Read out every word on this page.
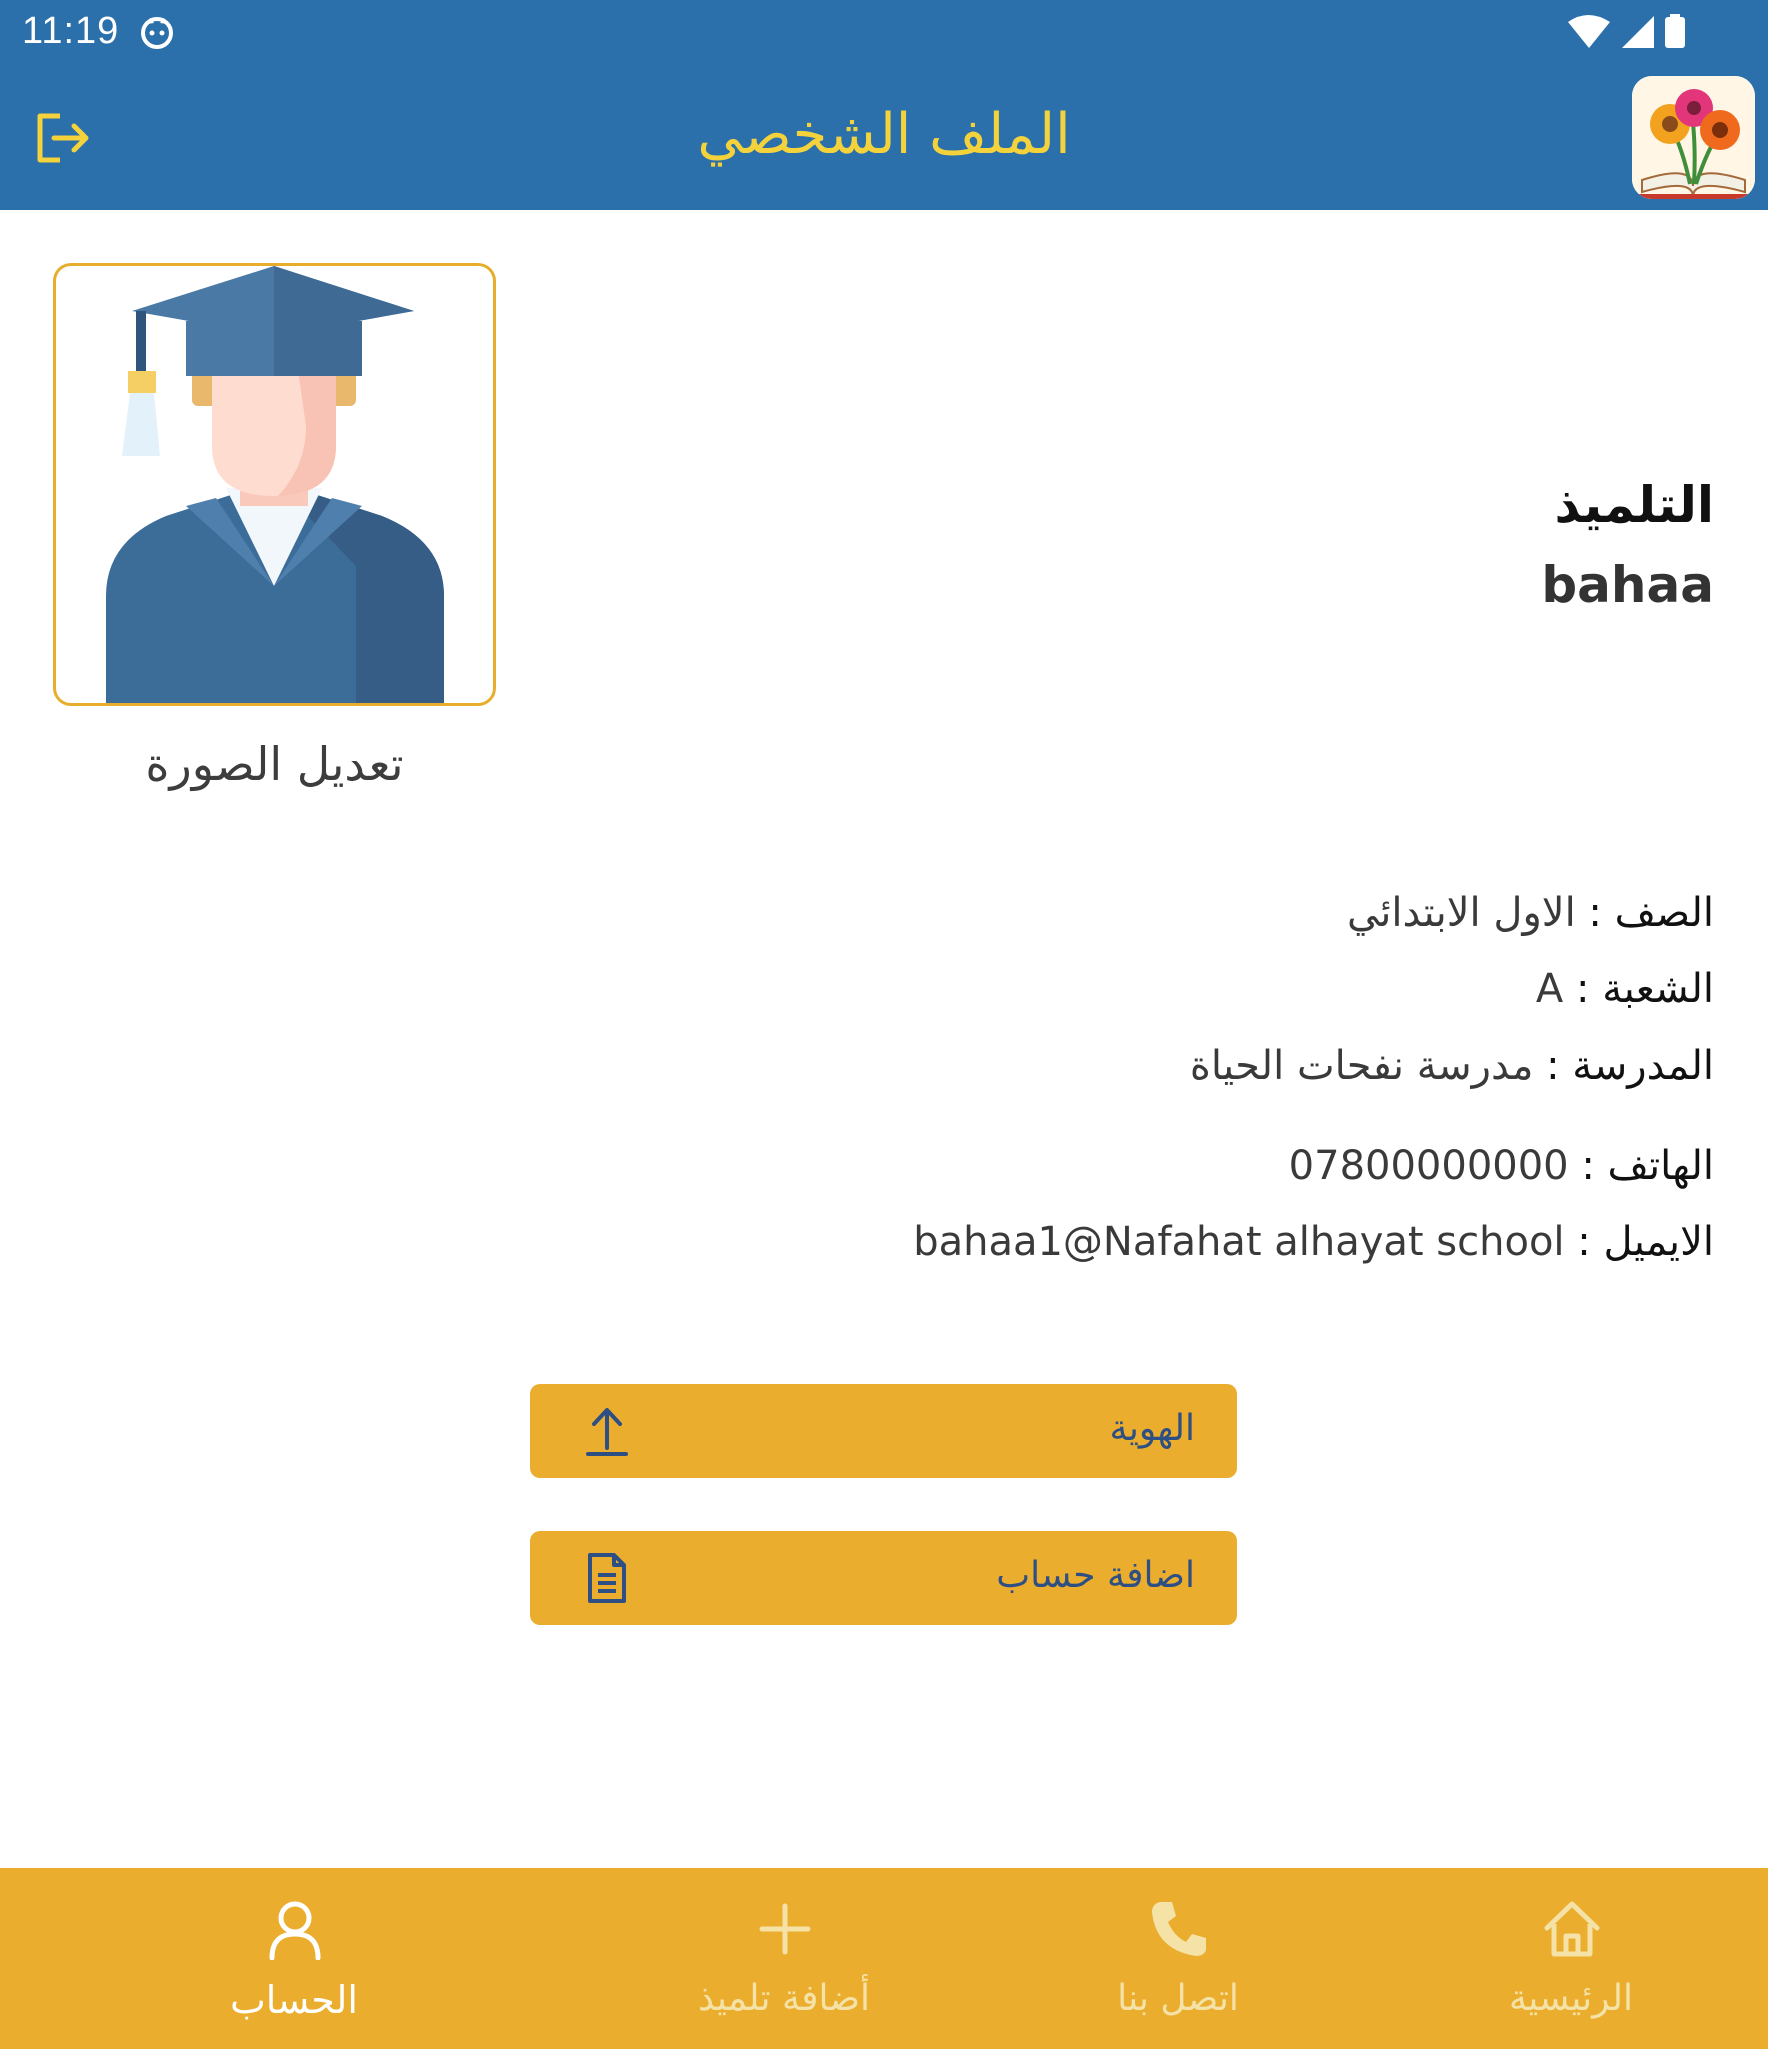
11:19
الملف الشخصي
تعديل الصورة
التلميذ
bahaa
الصف : الاول الابتدائي
الشعبة : A
المدرسة : مدرسة نفحات الحياة
الهاتف : 07800000000
الايميل : bahaa1@Nafahat alhayat school
الهوية
اضافة حساب
الحساب	أضافة تلميذ	اتصل بنا	الرئيسية
